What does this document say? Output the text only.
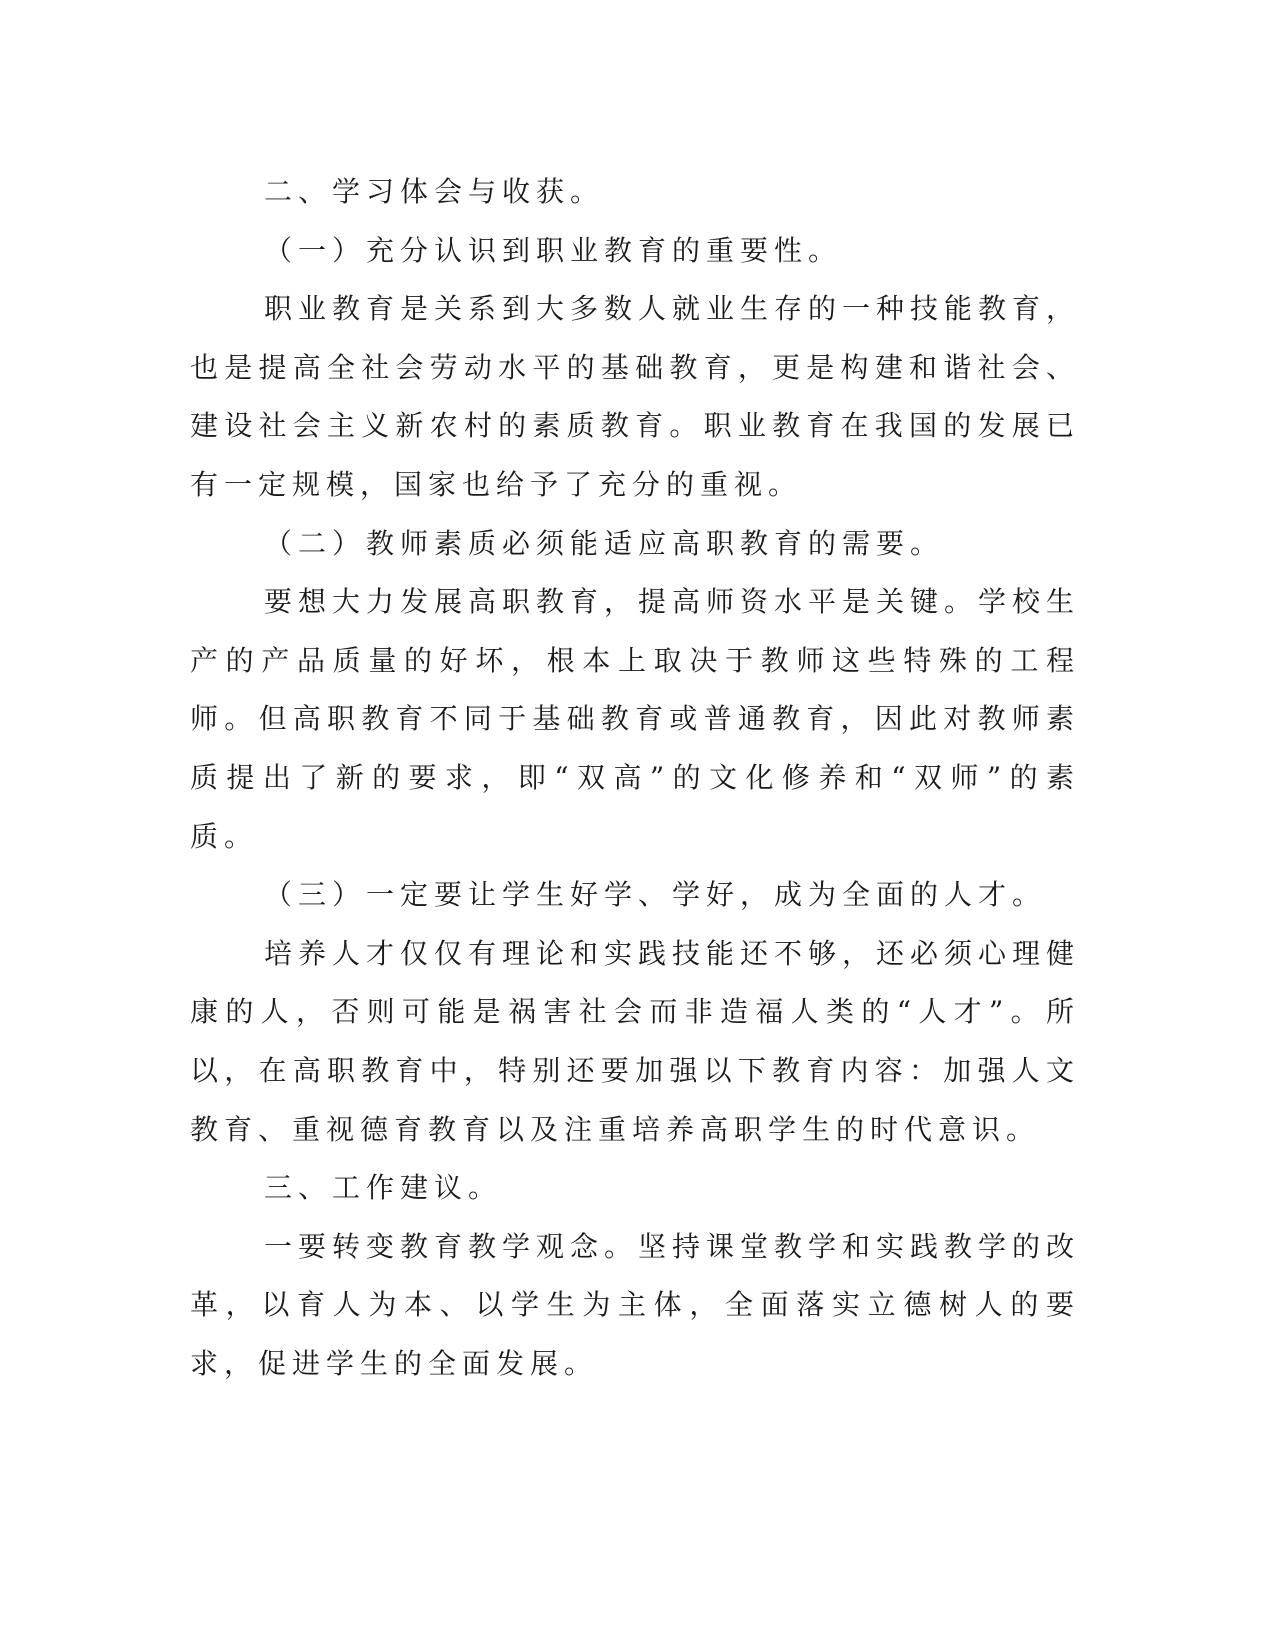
二、学习体会与收获。

（一）充分认识到职业教育的重要性。

职业教育是关系到大多数人就业生存的一种技能教育，也是提高全社会劳动水平的基础教育，更是构建和谐社会、建设社会主义新农村的素质教育。职业教育在我国的发展已有一定规模，国家也给予了充分的重视。

（二）教师素质必须能适应高职教育的需要。

要想大力发展高职教育，提高师资水平是关键。学校生产的产品质量的好坏，根本上取决于教师这些特殊的工程师。但高职教育不同于基础教育或普通教育，因此对教师素质提出了新的要求，即“双高”的文化修养和“双师”的素质。

（三）一定要让学生好学、学好，成为全面的人才。

培养人才仅仅有理论和实践技能还不够，还必须心理健康的人，否则可能是祸害社会而非造福人类的“人才”。所以，在高职教育中，特别还要加强以下教育内容：加强人文教育、重视德育教育以及注重培养高职学生的时代意识。

三、工作建议。

一要转变教育教学观念。坚持课堂教学和实践教学的改革，以育人为本、以学生为主体，全面落实立德树人的要求，促进学生的全面发展。
